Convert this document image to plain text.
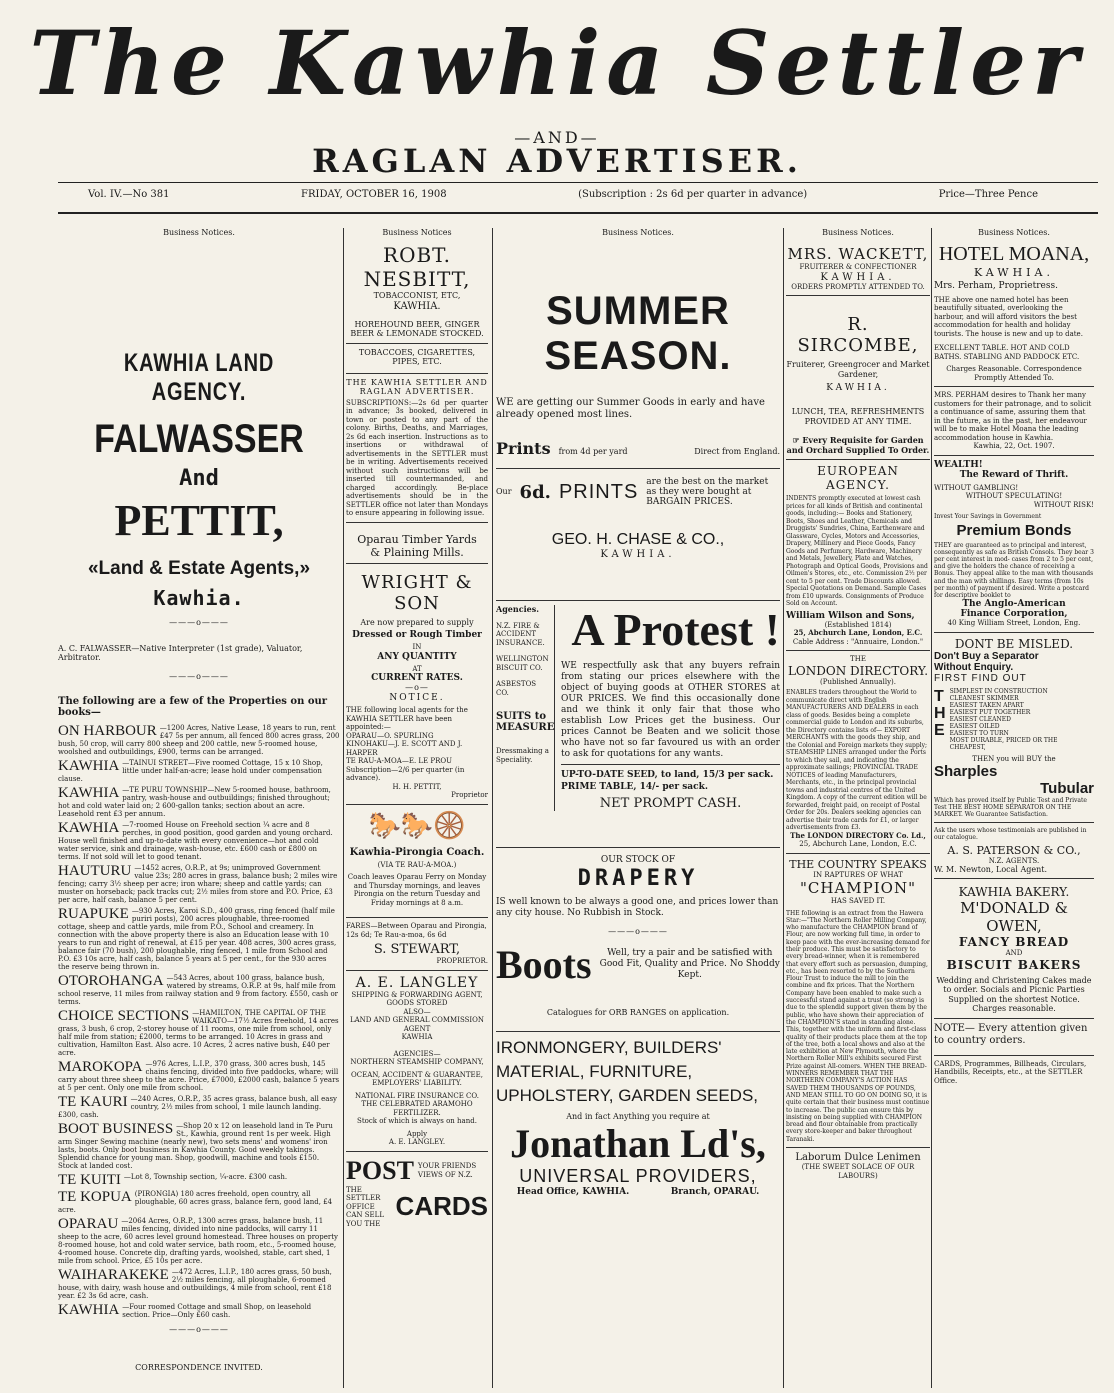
The Kawhia Settler
—AND—
RAGLAN ADVERTISER.
Vol. IV.—No 381	FRIDAY, OCTOBER 16, 1908	(Subscription : 2s 6d per quarter in advance)	Price—Three Pence
Business Notices.
KAWHIA LAND AGENCY.
FALWASSER
And
PETTIT,
«Land & Estate Agents,»
Kawhia.
———o———
A. C. FALWASSER—Native Interpreter (1st grade), Valuator, Arbitrator.
———o———
The following are a few of the Properties on our books—
ON HARBOUR —1200 Acres, Native Lease, 18 years to run, rent £47 5s per annum, all fenced 800 acres grass, 200 bush, 50 crop, will carry 800 sheep and 200 cattle, new 5-roomed house, woolshed and outbuildings, £900, terms can be arranged.
KAWHIA —TAINUI STREET—Five roomed Cottage, 15 x 10 Shop, little under half-an-acre; lease hold under compensation clause.
KAWHIA —TE PURU TOWNSHIP—New 5-roomed house, bathroom, pantry, wash-house and outbuildings; finished throughout; hot and cold water laid on; 2 600-gallon tanks; section about an acre. Leasehold rent £3 per annum.
KAWHIA —7-roomed House on Freehold section ¼ acre and 8 perches, in good position, good garden and young orchard. House well finished and up-to-date with every convenience—hot and cold water service, sink and drainage, wash-house, etc. £600 cash or £800 on terms. If not sold will let to good tenant.
HAUTURU —1452 acres, O.R.P., at 9s; unimproved Government value 23s; 280 acres in grass, balance bush; 2 miles wire fencing; carry 3½ sheep per acre; iron whare; sheep and cattle yards; can muster on horseback; pack tracks cut; 2½ miles from store and P.O. Price, £3 per acre, half cash, balance 5 per cent.
RUAPUKE —930 Acres, Karoi S.D., 400 grass, ring fenced (half mile puriri posts), 200 acres ploughable, three-roomed cottage, sheep and cattle yards, mile from P.O., School and creamery. In connection with the above property there is also an Education lease with 10 years to run and right of renewal, at £15 per year. 408 acres, 300 acres grass, balance fair (70 bush), 200 ploughable, ring fenced, 1 mile from School and P.O. £3 10s acre, half cash, balance 5 years at 5 per cent., for the 930 acres the reserve being thrown in.
OTOROHANGA —543 Acres, about 100 grass, balance bush, watered by streams, O.R.P. at 9s, half mile from school reserve, 11 miles from railway station and 9 from factory. £550, cash or terms.
CHOICE SECTIONS —HAMILTON, THE CAPITAL OF THE WAIKATO—17½ Acres freehold, 14 acres grass, 3 bush, 6 crop, 2-storey house of 11 rooms, one mile from school, only half mile from station; £2000, terms to be arranged. 10 Acres in grass and cultivation, Hamilton East. Also acre. 10 Acres, 2 acres native bush, £40 per acre.
MAROKOPA —976 Acres, L.I.P., 370 grass, 300 acres bush, 145 chains fencing, divided into five paddocks, whare; will carry about three sheep to the acre. Price, £7000, £2000 cash, balance 5 years at 5 per cent. Only one mile from school.
TE KAURI —240 Acres, O.R.P., 35 acres grass, balance bush, all easy country, 2½ miles from school, 1 mile launch landing. £300, cash.
BOOT BUSINESS —Shop 20 x 12 on leasehold land in Te Puru St., Kawhia, ground rent 1s per week. High arm Singer Sewing machine (nearly new), two sets mens' and womens' iron lasts, boots. Only boot business in Kawhia County. Good weekly takings. Splendid chance for young man. Shop, goodwill, machine and tools £150. Stock at landed cost.
TE KUITI —Lot 8, Township section, ¼-acre. £300 cash.
TE KOPUA (PIRONGIA) 180 acres freehold, open country, all ploughable, 60 acres grass, balance fern, good land, £4 acre.
OPARAU —2064 Acres, O.R.P., 1300 acres grass, balance bush, 11 miles fencing, divided into nine paddocks, will carry 11 sheep to the acre, 60 acres level ground homestead. Three houses on property 8-roomed house, hot and cold water service, bath room, etc., 5-roomed house, 4-roomed house. Concrete dip, drafting yards, woolshed, stable, cart shed, 1 mile from school. Price, £5 10s per acre.
WAIHARAKEKE —472 Acres, L.I.P., 180 acres grass, 50 bush, 2½ miles fencing, all ploughable, 6-roomed house, with dairy, wash house and outbuildings, 4 mile from school, rent £18 year. £2 3s 6d acre, cash.
KAWHIA —Four roomed Cottage and small Shop, on leasehold section. Price—Only £60 cash.
———o———
CORRESPONDENCE INVITED.
Business Notices
ROBT. NESBITT,
TOBACCONIST, ETC,
KAWHIA.
HOREHOUND BEER, GINGER BEER & LEMONADE STOCKED.
TOBACCOES, CIGARETTES, PIPES, ETC.
THE KAWHIA SETTLER AND RAGLAN ADVERTISER.
SUBSCRIPTIONS:—2s 6d per quarter in advance; 3s booked, delivered in town or posted to any part of the colony. Births, Deaths, and Marriages, 2s 6d each insertion. Instructions as to insertions or withdrawal of advertisements in the SETTLER must be in writing. Advertisements received without such instructions will be inserted till countermanded, and charged accordingly. Be-place advertisements should be in the SETTLER office not later than Mondays to ensure appearing in following issue.
Oparau Timber Yards
& Plaining Mills.
WRIGHT & SON
Are now prepared to supply
Dressed or Rough Timber
IN
ANY QUANTITY
AT
CURRENT RATES.
—o—
NOTICE.
THE following local agents for the KAWHIA SETTLER have been appointed:—
OPARAU—O. SPURLING
KINOHAKU—J. E. SCOTT AND J. HARPER
TE RAU-A-MOA—E. LE PROU
Subscription—2/6 per quarter (in advance).
H. H. PETTIT,
Proprietor
🐎🐎🛞
Kawhia-Pirongia Coach.
(VIA TE RAU-A-MOA.)
Coach leaves Oparau Ferry on Monday and Thursday mornings, and leaves Pirongia on the return Tuesday and Friday mornings at 8 a.m.
FARES—Between Oparau and Pirongia, 12s 6d; Te Rau-a-moa, 6s 6d
S. STEWART,
PROPRIETOR.
A. E. LANGLEY
SHIPPING & FORWARDING AGENT, GOODS STORED
ALSO—
LAND AND GENERAL COMMISSION AGENT
KAWHIA
AGENCIES—
NORTHERN STEAMSHIP COMPANY,
OCEAN, ACCIDENT & GUARANTEE, EMPLOYERS' LIABILITY.
NATIONAL FIRE INSURANCE CO.
THE CELEBRATED ARAMOHO FERTILIZER.
Stock of which is always on hand.
Apply
A. E. LANGLEY.
POST YOUR FRIENDS VIEWS OF N.Z.
THE SETTLER OFFICE CAN SELL YOU THE
CARDS
Business Notices.
SUMMER SEASON.
WE are getting our Summer Goods in early and have already opened most lines.
Prints from 4d per yard	Direct from England.
Our 6d. PRINTS are the best on the market as they were bought at BARGAIN PRICES.
GEO. H. CHASE & CO.,
KAWHIA.
Agencies.
N.Z. FIRE & ACCIDENT INSURANCE.
WELLINGTON BISCUIT CO.
ASBESTOS CO.
SUITS to MEASURE
Dressmaking a Speciality.
A Protest !
WE respectfully ask that any buyers refrain from stating our prices elsewhere with the object of buying goods at OTHER STORES at OUR PRICES. We find this occasionally done and we think it only fair that those who establish Low Prices get the business. Our prices Cannot be Beaten and we solicit those who have not so far favoured us with an order to ask for quotations for any wants.
UP-TO-DATE SEED, to land, 15/3 per sack. PRIME TABLE, 14/- per sack.
NET PROMPT CASH.
OUR STOCK OF
DRAPERY
IS well known to be always a good one, and prices lower than any city house. No Rubbish in Stock.
———o———
Boots	Well, try a pair and be satisfied with Good Fit, Quality and Price. No Shoddy Kept.
Catalogues for ORB RANGES on application.
IRONMONGERY, BUILDERS' MATERIAL, FURNITURE, UPHOLSTERY, GARDEN SEEDS,
And in fact Anything you require at
Jonathan Ld's,
UNIVERSAL PROVIDERS,
Head Office, KAWHIA.	Branch, OPARAU.
Business Notices.
MRS. WACKETT,
FRUITERER & CONFECTIONER
KAWHIA.
ORDERS PROMPTLY ATTENDED TO.
R. SIRCOMBE,
Fruiterer, Greengrocer and Market Gardener,
KAWHIA.
LUNCH, TEA, REFRESHMENTS PROVIDED AT ANY TIME.
☞ Every Requisite for Garden and Orchard Supplied To Order.
EUROPEAN AGENCY.
INDENTS promptly executed at lowest cash prices for all kinds of British and continental goods, including:— Books and Stationery, Boots, Shoes and Leather, Chemicals and Druggists' Sundries, China, Earthenware and Glassware, Cycles, Motors and Accessories, Drapery, Millinery and Piece Goods, Fancy Goods and Perfumery, Hardware, Machinery and Metals, Jewellery, Plate and Watches, Photograph and Optical Goods, Provisions and Oilmen's Stores, etc., etc. Commission 2½ per cent to 5 per cent. Trade Discounts allowed. Special Quotations on Demand. Sample Cases from £10 upwards. Consignments of Produce Sold on Account.
William Wilson and Sons,
(Established 1814)
25, Abchurch Lane, London, E.C.
Cable Address : "Annuaire, London."
THE
LONDON DIRECTORY.
(Published Annually).
ENABLES traders throughout the World to communicate direct with English MANUFACTURERS AND DEALERS in each class of goods. Besides being a complete commercial guide to London and its suburbs, the Directory contains lists of— EXPORT MERCHANTS with the goods they ship, and the Colonial and Foreign markets they supply; STEAMSHIP LINES arranged under the Ports to which they sail, and indicating the approximate sailings; PROVINCIAL TRADE NOTICES of leading Manufacturers, Merchants, etc., in the principal provincial towns and industrial centres of the United Kingdom. A copy of the current edition will be forwarded, freight paid, on receipt of Postal Order for 20s. Dealers seeking agencies can advertise their trade cards for £1, or larger advertisements from £3.
The LONDON DIRECTORY Co. Ld.,
25, Abchurch Lane, London, E.C.
THE COUNTRY SPEAKS
IN RAPTURES OF WHAT
"CHAMPION"
HAS SAVED IT.
THE following is an extract from the Hawera Star:—"The Northern Roller Milling Company, who manufacture the CHAMPION brand of Flour, are now working full time, in order to keep pace with the ever-increasing demand for their produce. This must be satisfactory to every bread-winner, when it is remembered that every effort such as persuasion, dumping, etc., has been resorted to by the Southern Flour Trust to induce the mill to join the combine and fix prices. That the Northern Company have been enabled to make such a successful stand against a trust (so strong) is due to the splendid support given them by the public, who have shown their appreciation of the CHAMPION'S stand in standing alone. This, together with the uniform and first-class quality of their products place them at the top of the tree, both a local shows and also at the late exhibition at New Plymouth, where the Northern Roller Mill's exhibits secured First Prize against All-comers. WHEN THE BREAD-WINNERS REMEMBER THAT THE NORTHERN COMPANY'S ACTION HAS SAVED THEM THOUSANDS OF POUNDS, AND MEAN STILL TO GO ON DOING SO, it is quite certain that their business must continue to increase. The public can ensure this by insisting on being supplied with CHAMPION bread and flour obtainable from practically every store-keeper and baker throughout Taranaki.
Laborum Dulce Lenimen
(THE SWEET SOLACE OF OUR LABOURS)
Business Notices.
HOTEL MOANA,
KAWHIA.
Mrs. Perham, Proprietress.
THE above one named hotel has been beautifully situated, overlooking the harbour, and will afford visitors the best accommodation for health and holiday tourists. The house is new and up to date.
EXCELLENT TABLE. HOT AND COLD BATHS. STABLING AND PADDOCK ETC.
Charges Reasonable. Correspondence Promptly Attended To.
MRS. PERHAM desires to Thank her many customers for their patronage, and to solicit a continuance of same, assuring them that in the future, as in the past, her endeavour will be to make Hotel Moana the leading accommodation house in Kawhia.
Kawhia, 22, Oct. 1907.
WEALTH!
The Reward of Thrift.
WITHOUT GAMBLING!
WITHOUT SPECULATING!
WITHOUT RISK!
Invest Your Savings in Government
Premium Bonds
THEY are guaranteed as to principal and interest, consequently as safe as British Consols. They bear 3 per cent interest in mod- cases from 2 to 5 per cent, and give the holders the chance of receiving a Bonus. They appeal alike to the man with thousands and the man with shillings. Easy terms (from 10s per month) of payment if desired. Write a postcard for descriptive booklet to
The Anglo-American
Finance Corporation,
40 King William Street, London, Eng.
DONT BE MISLED.
Don't Buy a Separator
Without Enquiry.
FIRST FIND OUT
T
H
E
SIMPLEST IN CONSTRUCTION
CLEANEST SKIMMER
EASIEST TAKEN APART
EASIEST PUT TOGETHER
EASIEST CLEANED
EASIEST OILED
EASIEST TO TURN
MOST DURABLE, PRICED OR THE CHEAPEST,
THEN you will BUY the
Sharples
Tubular
Which has proved itself by Public Test and Private Test THE BEST HOME SEPARATOR ON THE MARKET. We Guarantee Satisfaction.
Ask the users whose testimonials are published in our catalogue.
A. S. PATERSON & CO.,
N.Z. AGENTS.
W. M. Newton, Local Agent.
KAWHIA BAKERY.
M'DONALD & OWEN,
FANCY BREAD
AND
BISCUIT BAKERS
Wedding and Christening Cakes made to order. Socials and Picnic Parties Supplied on the shortest Notice.
Charges reasonable.
NOTE— Every attention given to country orders.
CARDS, Programmes, Billheads, Circulars, Handbills, Receipts, etc., at the SETTLER Office.
